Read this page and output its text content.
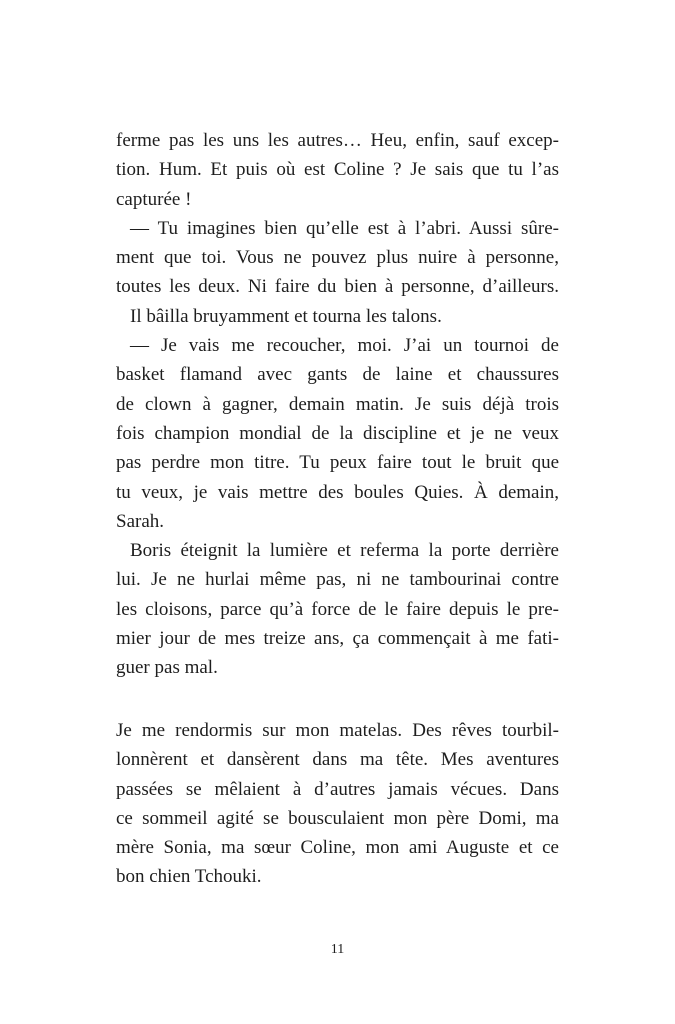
ferme pas les uns les autres… Heu, enfin, sauf excep-
tion. Hum. Et puis où est Coline ? Je sais que tu l’as
capturée !
— Tu imagines bien qu’elle est à l’abri. Aussi sûre-
ment que toi. Vous ne pouvez plus nuire à personne,
toutes les deux. Ni faire du bien à personne, d’ailleurs.
Il bâilla bruyamment et tourna les talons.
— Je vais me recoucher, moi. J’ai un tournoi de
basket flamand avec gants de laine et chaussures
de clown à gagner, demain matin. Je suis déjà trois
fois champion mondial de la discipline et je ne veux
pas perdre mon titre. Tu peux faire tout le bruit que
tu veux, je vais mettre des boules Quies. À demain,
Sarah.
Boris éteignit la lumière et referma la porte derrière
lui. Je ne hurlai même pas, ni ne tambourinai contre
les cloisons, parce qu’à force de le faire depuis le pre-
mier jour de mes treize ans, ça commençait à me fati-
guer pas mal.
Je me rendormis sur mon matelas. Des rêves tourbil-
lonnèrent et dansèrent dans ma tête. Mes aventures
passées se mêlaient à d’autres jamais vécues. Dans
ce sommeil agité se bousculaient mon père Domi, ma
mère Sonia, ma sœur Coline, mon ami Auguste et ce
bon chien Tchouki.
11
